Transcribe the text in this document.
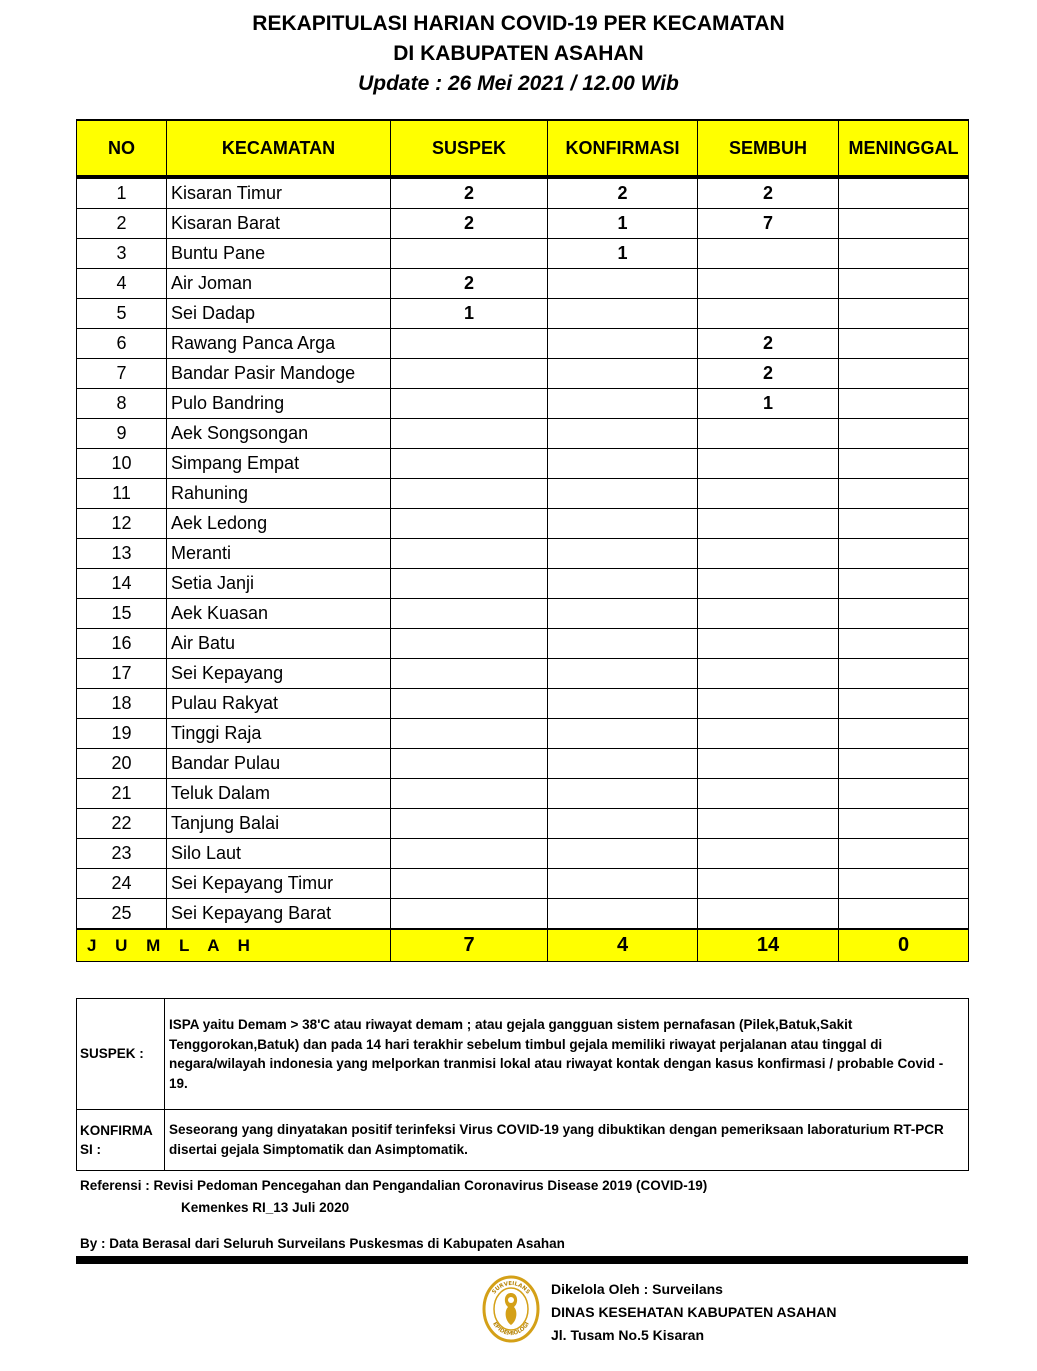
REKAPITULASI HARIAN COVID-19 PER KECAMATAN
DI KABUPATEN ASAHAN
Update : 26 Mei 2021 / 12.00 Wib
NO	KECAMATAN	SUSPEK	KONFIRMASI	SEMBUH	MENINGGAL
1	Kisaran Timur	2	2	2	
2	Kisaran Barat	2	1	7	
3	Buntu Pane		1		
4	Air Joman	2			
5	Sei Dadap	1			
6	Rawang Panca Arga			2	
7	Bandar Pasir Mandoge			2	
8	Pulo Bandring			1	
9	Aek Songsongan				
10	Simpang Empat				
11	Rahuning				
12	Aek Ledong				
13	Meranti				
14	Setia Janji				
15	Aek Kuasan				
16	Air Batu				
17	Sei Kepayang				
18	Pulau Rakyat				
19	Tinggi Raja				
20	Bandar Pulau				
21	Teluk Dalam				
22	Tanjung Balai				
23	Silo Laut				
24	Sei Kepayang Timur				
25	Sei Kepayang Barat				
J U M L A H		7	4	14	0
SUSPEK :	ISPA yaitu Demam > 38'C atau riwayat demam ; atau gejala gangguan sistem pernafasan (Pilek,Batuk,Sakit Tenggorokan,Batuk) dan pada 14 hari terakhir sebelum timbul gejala memiliki riwayat perjalanan atau tinggal di negara/wilayah indonesia yang melporkan tranmisi lokal atau riwayat kontak dengan kasus konfirmasi / probable Covid - 19.
KONFIRMA SI :	Seseorang yang dinyatakan positif terinfeksi Virus COVID-19 yang dibuktikan dengan pemeriksaan laboraturium RT-PCR disertai gejala Simptomatik dan Asimptomatik.
Referensi : Revisi Pedoman Pencegahan dan Pengandalian Coronavirus Disease 2019 (COVID-19)
Kemenkes RI_13 Juli 2020
By : Data Berasal dari Seluruh Surveilans Puskesmas di Kabupaten Asahan
SURVEILANS
EPIDEMIOLOGI
Dikelola Oleh : Surveilans
DINAS KESEHATAN KABUPATEN ASAHAN
Jl. Tusam No.5 Kisaran
